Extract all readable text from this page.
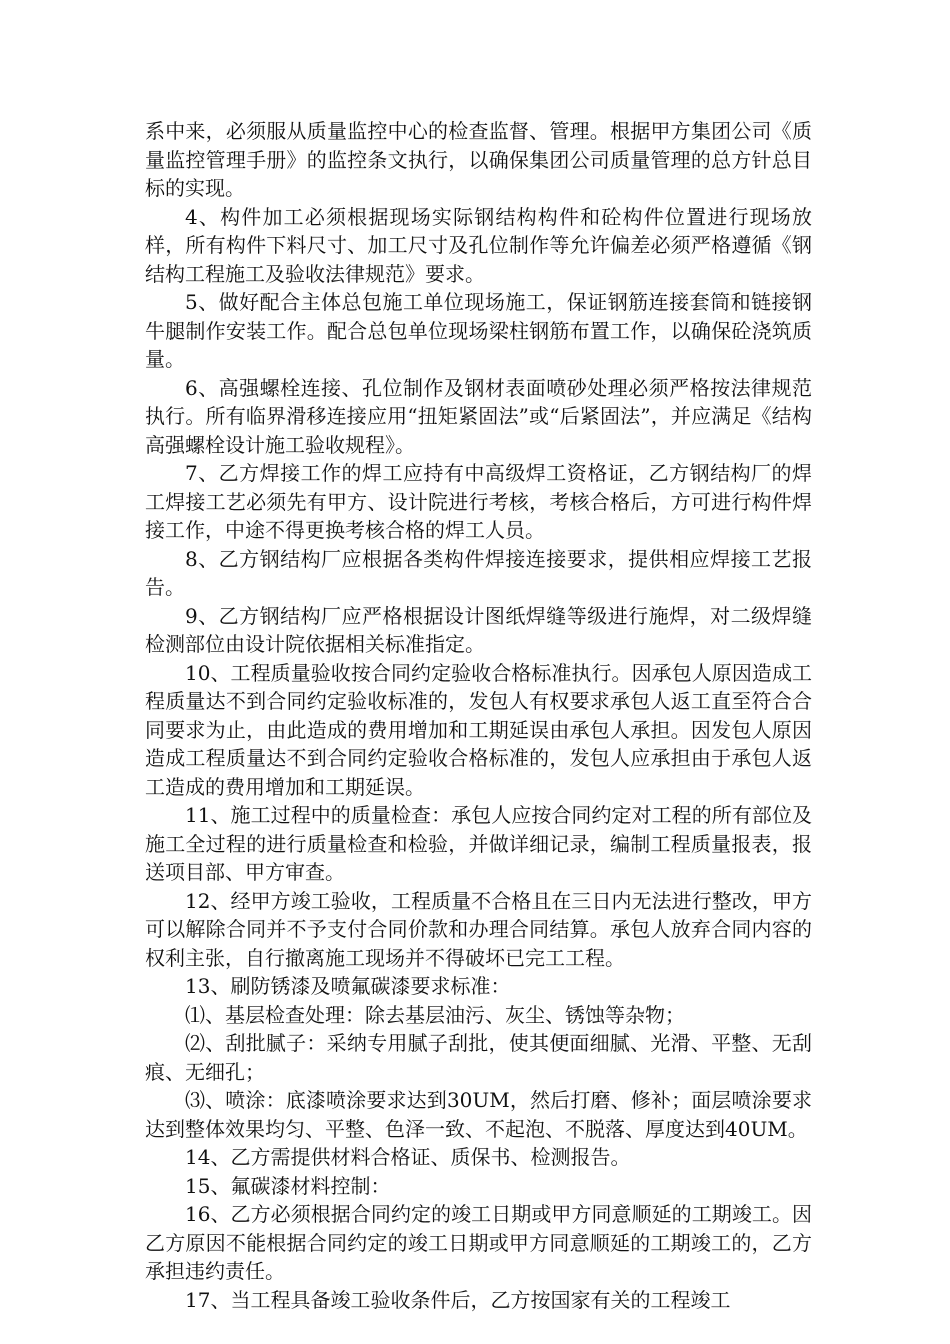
系中来，必须服从质量监控中心的检查监督、管理。根据甲方集团公司《质量监控管理手册》的监控条文执行，以确保集团公司质量管理的总方针总目标的实现。

4、构件加工必须根据现场实际钢结构构件和砼构件位置进行现场放样，所有构件下料尺寸、加工尺寸及孔位制作等允许偏差必须严格遵循《钢结构工程施工及验收法律规范》要求。

5、做好配合主体总包施工单位现场施工，保证钢筋连接套筒和链接钢牛腿制作安装工作。配合总包单位现场梁柱钢筋布置工作，以确保砼浇筑质量。

6、高强螺栓连接、孔位制作及钢材表面喷砂处理必须严格按法律规范执行。所有临界滑移连接应用“扭矩紧固法”或“后紧固法”，并应满足《结构高强螺栓设计施工验收规程》。

7、乙方焊接工作的焊工应持有中高级焊工资格证，乙方钢结构厂的焊工焊接工艺必须先有甲方、设计院进行考核，考核合格后，方可进行构件焊接工作，中途不得更换考核合格的焊工人员。

8、乙方钢结构厂应根据各类构件焊接连接要求，提供相应焊接工艺报告。

9、乙方钢结构厂应严格根据设计图纸焊缝等级进行施焊，对二级焊缝检测部位由设计院依据相关标准指定。

10、工程质量验收按合同约定验收合格标准执行。因承包人原因造成工程质量达不到合同约定验收标准的，发包人有权要求承包人返工直至符合合同要求为止，由此造成的费用增加和工期延误由承包人承担。因发包人原因造成工程质量达不到合同约定验收合格标准的，发包人应承担由于承包人返工造成的费用增加和工期延误。

11、施工过程中的质量检查：承包人应按合同约定对工程的所有部位及施工全过程的进行质量检查和检验，并做详细记录，编制工程质量报表，报送项目部、甲方审查。

12、经甲方竣工验收，工程质量不合格且在三日内无法进行整改，甲方可以解除合同并不予支付合同价款和办理合同结算。承包人放弃合同内容的权利主张，自行撤离施工现场并不得破坏已完工工程。

13、刷防锈漆及喷氟碳漆要求标准：

⑴、基层检查处理：除去基层油污、灰尘、锈蚀等杂物；

⑵、刮批腻子：采纳专用腻子刮批，使其便面细腻、光滑、平整、无刮痕、无细孔；

⑶、喷涂：底漆喷涂要求达到30UM，然后打磨、修补；面层喷涂要求达到整体效果均匀、平整、色泽一致、不起泡、不脱落、厚度达到40UM。

14、乙方需提供材料合格证、质保书、检测报告。

15、氟碳漆材料控制：

16、乙方必须根据合同约定的竣工日期或甲方同意顺延的工期竣工。因乙方原因不能根据合同约定的竣工日期或甲方同意顺延的工期竣工的，乙方承担违约责任。

17、当工程具备竣工验收条件后，乙方按国家有关的工程竣工
